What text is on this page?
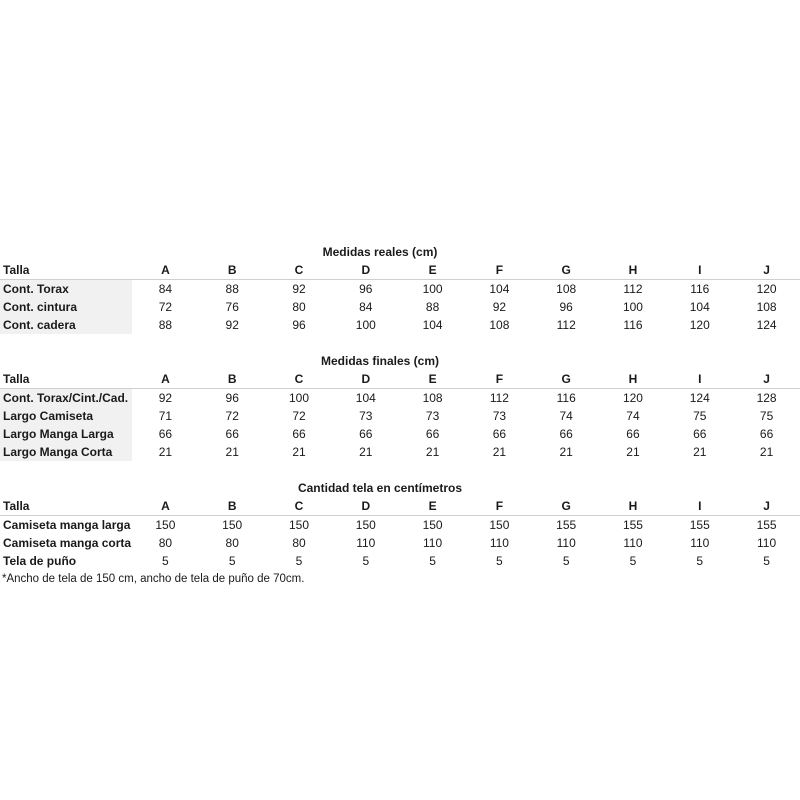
Medidas reales (cm)
Talla	A	B	C	D	E	F	G	H	I	J
Cont. Torax	84	88	92	96	100	104	108	112	116	120
Cont. cintura	72	76	80	84	88	92	96	100	104	108
Cont. cadera	88	92	96	100	104	108	112	116	120	124
Medidas finales (cm)
Talla	A	B	C	D	E	F	G	H	I	J
Cont. Torax/Cint./Cad.	92	96	100	104	108	112	116	120	124	128
Largo Camiseta	71	72	72	73	73	73	74	74	75	75
Largo Manga Larga	66	66	66	66	66	66	66	66	66	66
Largo Manga Corta	21	21	21	21	21	21	21	21	21	21
Cantidad tela en centímetros
Talla	A	B	C	D	E	F	G	H	I	J
Camiseta manga larga	150	150	150	150	150	150	155	155	155	155
Camiseta manga corta	80	80	80	110	110	110	110	110	110	110
Tela de puño	5	5	5	5	5	5	5	5	5	5
*Ancho de tela de 150 cm, ancho de tela de puño de 70cm.
